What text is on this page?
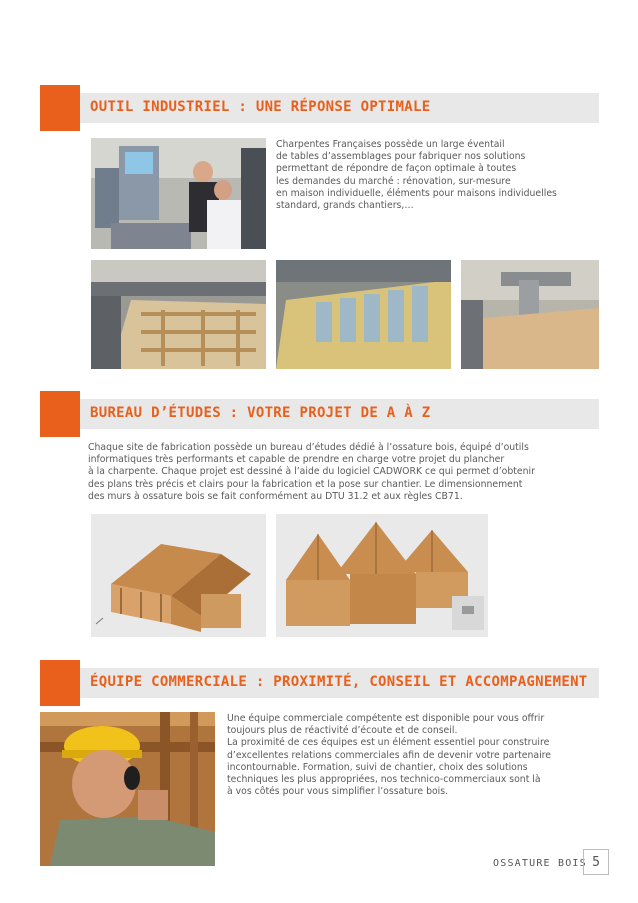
OUTIL INDUSTRIEL : UNE RÉPONSE OPTIMALE

Charpentes Françaises possède un large éventail

de tables d’assemblages pour fabriquer nos solutions

permettant de répondre de façon optimale à toutes

les demandes du marché : rénovation, sur-mesure

en maison individuelle, éléments pour maisons individuelles

standard, grands chantiers,…

BUREAU D’ÉTUDES : VOTRE PROJET DE A À Z

Chaque site de fabrication possède un bureau d’études dédié à l’ossature bois, équipé d’outils

informatiques très performants et capable de prendre en charge votre projet du plancher

à la charpente. Chaque projet est dessiné à l’aide du logiciel CADWORK ce qui permet d’obtenir

des plans très précis et clairs pour la fabrication et la pose sur chantier. Le dimensionnement

des murs à ossature bois se fait conformément au DTU 31.2 et aux règles CB71.

ÉQUIPE COMMERCIALE : PROXIMITÉ, CONSEIL ET ACCOMPAGNEMENT

Une équipe commerciale compétente est disponible pour vous offrir

toujours plus de réactivité d’écoute et de conseil.

La proximité de ces équipes est un élément essentiel pour construire

d’excellentes relations commerciales afin de devenir votre partenaire

incontournable. Formation, suivi de chantier, choix des solutions

techniques les plus appropriées, nos technico-commerciaux sont là

à vos côtés pour vous simplifier l’ossature bois.

OSSATURE BOIS 5
